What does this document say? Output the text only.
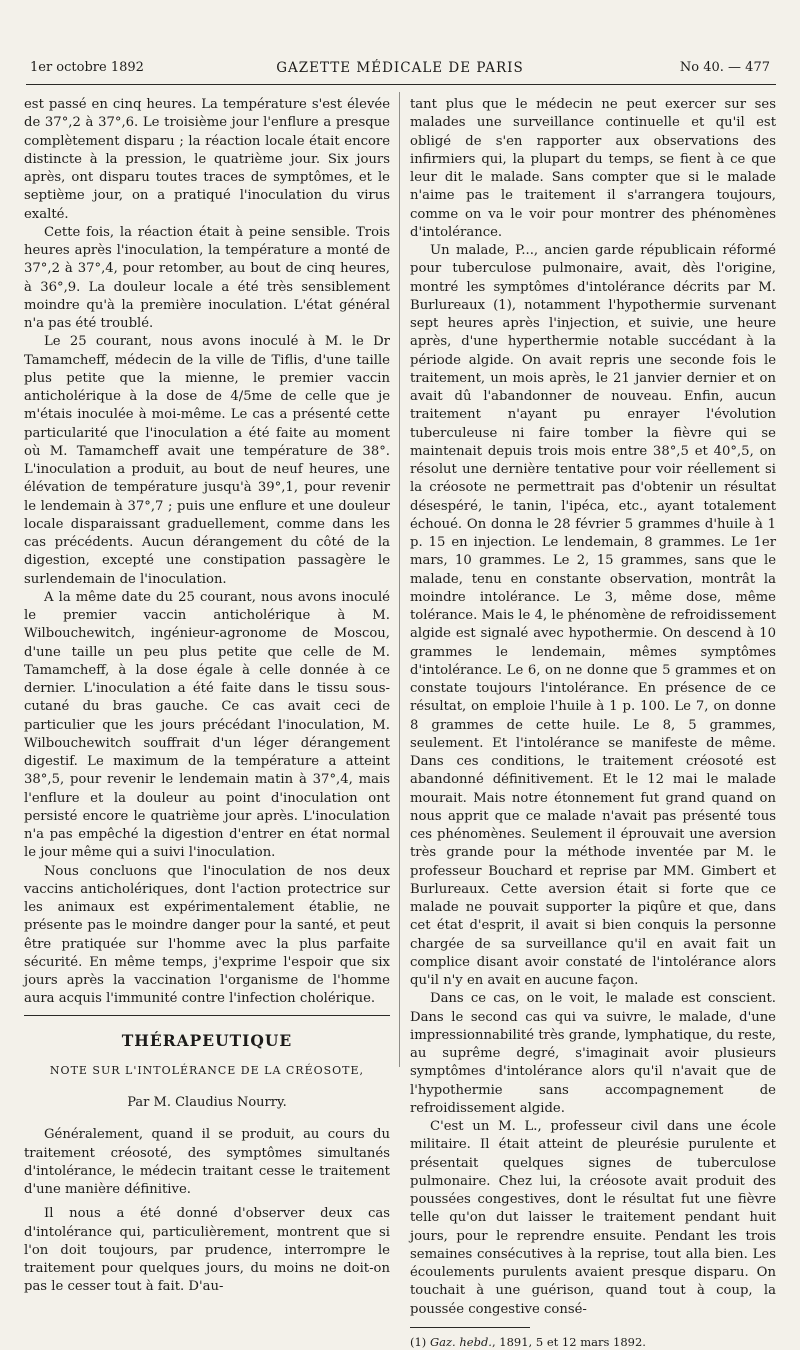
1er octobre 1892	GAZETTE MÉDICALE DE PARIS	No 40. — 477

est passé en cinq heures. La température s'est élevée de 37°,2 à 37°,6. Le troisième jour l'enflure a presque complètement disparu ; la réaction locale était encore distincte à la pression, le quatrième jour. Six jours après, ont disparu toutes traces de symptômes, et le septième jour, on a pratiqué l'inoculation du virus exalté.

Cette fois, la réaction était à peine sensible. Trois heures après l'inoculation, la température a monté de 37°,2 à 37°,4, pour retomber, au bout de cinq heures, à 36°,9. La douleur locale a été très sensiblement moindre qu'à la première inoculation. L'état général n'a pas été troublé.

Le 25 courant, nous avons inoculé à M. le Dr Tamamcheff, médecin de la ville de Tiflis, d'une taille plus petite que la mienne, le premier vaccin anticholérique à la dose de 4/5me de celle que je m'étais inoculée à moi-même. Le cas a présenté cette particularité que l'inoculation a été faite au moment où M. Tamamcheff avait une température de 38°. L'inoculation a produit, au bout de neuf heures, une élévation de température jusqu'à 39°,1, pour revenir le lendemain à 37°,7 ; puis une enflure et une douleur locale disparaissant graduellement, comme dans les cas précédents. Aucun dérangement du côté de la digestion, excepté une constipation passagère le surlendemain de l'inoculation.

A la même date du 25 courant, nous avons inoculé le premier vaccin anticholérique à M. Wilbouchewitch, ingénieur-agronome de Moscou, d'une taille un peu plus petite que celle de M. Tamamcheff, à la dose égale à celle donnée à ce dernier. L'inoculation a été faite dans le tissu sous-cutané du bras gauche. Ce cas avait ceci de particulier que les jours précédant l'inoculation, M. Wilbouchewitch souffrait d'un léger dérangement digestif. Le maximum de la température a atteint 38°,5, pour revenir le lendemain matin à 37°,4, mais l'enflure et la douleur au point d'inoculation ont persisté encore le quatrième jour après. L'inoculation n'a pas empêché la digestion d'entrer en état normal le jour même qui a suivi l'inoculation.

Nous concluons que l'inoculation de nos deux vaccins anticholériques, dont l'action protectrice sur les animaux est expérimentalement établie, ne présente pas le moindre danger pour la santé, et peut être pratiquée sur l'homme avec la plus parfaite sécurité. En même temps, j'exprime l'espoir que six jours après la vaccination l'organisme de l'homme aura acquis l'immunité contre l'infection cholérique.

THÉRAPEUTIQUE
NOTE SUR L'INTOLÉRANCE DE LA CRÉOSOTE,
Par M. Claudius Nourry.

Généralement, quand il se produit, au cours du traitement créosoté, des symptômes simultanés d'intolérance, le médecin traitant cesse le traitement d'une manière définitive.

Il nous a été donné d'observer deux cas d'intolérance qui, particulièrement, montrent que si l'on doit toujours, par prudence, interrompre le traitement pour quelques jours, du moins ne doit-on pas le cesser tout à fait. D'au-

tant plus que le médecin ne peut exercer sur ses malades une surveillance continuelle et qu'il est obligé de s'en rapporter aux observations des infirmiers qui, la plupart du temps, se fient à ce que leur dit le malade. Sans compter que si le malade n'aime pas le traitement il s'arrangera toujours, comme on va le voir pour montrer des phénomènes d'intolérance.

Un malade, P..., ancien garde républicain réformé pour tuberculose pulmonaire, avait, dès l'origine, montré les symptômes d'intolérance décrits par M. Burlureaux (1), notamment l'hypothermie survenant sept heures après l'injection, et suivie, une heure après, d'une hyperthermie notable succédant à la période algide. On avait repris une seconde fois le traitement, un mois après, le 21 janvier dernier et on avait dû l'abandonner de nouveau. Enfin, aucun traitement n'ayant pu enrayer l'évolution tuberculeuse ni faire tomber la fièvre qui se maintenait depuis trois mois entre 38°,5 et 40°,5, on résolut une dernière tentative pour voir réellement si la créosote ne permettrait pas d'obtenir un résultat désespéré, le tanin, l'ipéca, etc., ayant totalement échoué. On donna le 28 février 5 grammes d'huile à 1 p. 15 en injection. Le lendemain, 8 grammes. Le 1er mars, 10 grammes. Le 2, 15 grammes, sans que le malade, tenu en constante observation, montrât la moindre intolérance. Le 3, même dose, même tolérance. Mais le 4, le phénomène de refroidissement algide est signalé avec hypothermie. On descend à 10 grammes le lendemain, mêmes symptômes d'intolérance. Le 6, on ne donne que 5 grammes et on constate toujours l'intolérance. En présence de ce résultat, on emploie l'huile à 1 p. 100. Le 7, on donne 8 grammes de cette huile. Le 8, 5 grammes, seulement. Et l'intolérance se manifeste de même. Dans ces conditions, le traitement créosoté est abandonné définitivement. Et le 12 mai le malade mourait. Mais notre étonnement fut grand quand on nous apprit que ce malade n'avait pas présenté tous ces phénomènes. Seulement il éprouvait une aversion très grande pour la méthode inventée par M. le professeur Bouchard et reprise par MM. Gimbert et Burlureaux. Cette aversion était si forte que ce malade ne pouvait supporter la piqûre et que, dans cet état d'esprit, il avait si bien conquis la personne chargée de sa surveillance qu'il en avait fait un complice disant avoir constaté de l'intolérance alors qu'il n'y en avait en aucune façon.

Dans ce cas, on le voit, le malade est conscient. Dans le second cas qui va suivre, le malade, d'une impressionnabilité très grande, lymphatique, du reste, au suprême degré, s'imaginait avoir plusieurs symptômes d'intolérance alors qu'il n'avait que de l'hypothermie sans accompagnement de refroidissement algide.

C'est un M. L., professeur civil dans une école militaire. Il était atteint de pleurésie purulente et présentait quelques signes de tuberculose pulmonaire. Chez lui, la créosote avait produit des poussées congestives, dont le résultat fut une fièvre telle qu'on dut laisser le traitement pendant huit jours, pour le reprendre ensuite. Pendant les trois semaines consécutives à la reprise, tout alla bien. Les écoulements purulents avaient presque disparu. On touchait à une guérison, quand tout à coup, la poussée congestive consé-

(1) Gaz. hebd., 1891, 5 et 12 mars 1892.
